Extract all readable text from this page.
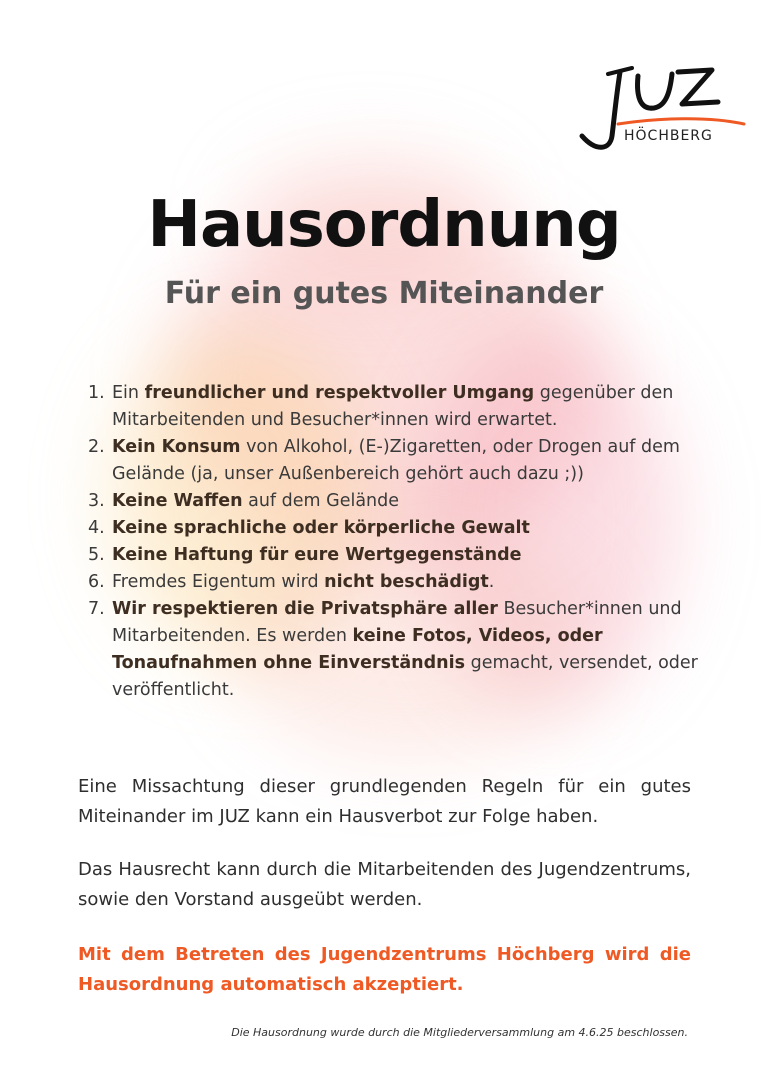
HÖCHBERG
Hausordnung
Für ein gutes Miteinander
1. Ein freundlicher und respektvoller Umgang gegenüber den Mitarbeitenden und Besucher*innen wird erwartet.
2. Kein Konsum von Alkohol, (E-)Zigaretten, oder Drogen auf dem Gelände (ja, unser Außenbereich gehört auch dazu ;))
3. Keine Waffen auf dem Gelände
4. Keine sprachliche oder körperliche Gewalt
5. Keine Haftung für eure Wertgegenstände
6. Fremdes Eigentum wird nicht beschädigt.
7. Wir respektieren die Privatsphäre aller Besucher*innen und Mitarbeitenden. Es werden keine Fotos, Videos, oder Tonaufnahmen ohne Einverständnis gemacht, versendet, oder veröffentlicht.

Eine Missachtung dieser grundlegenden Regeln für ein gutes Miteinander im JUZ kann ein Hausverbot zur Folge haben.

Das Hausrecht kann durch die Mitarbeitenden des Jugendzentrums, sowie den Vorstand ausgeübt werden.

Mit dem Betreten des Jugendzentrums Höchberg wird die Hausordnung automatisch akzeptiert.

Die Hausordnung wurde durch die Mitgliederversammlung am 4.6.25 beschlossen.
